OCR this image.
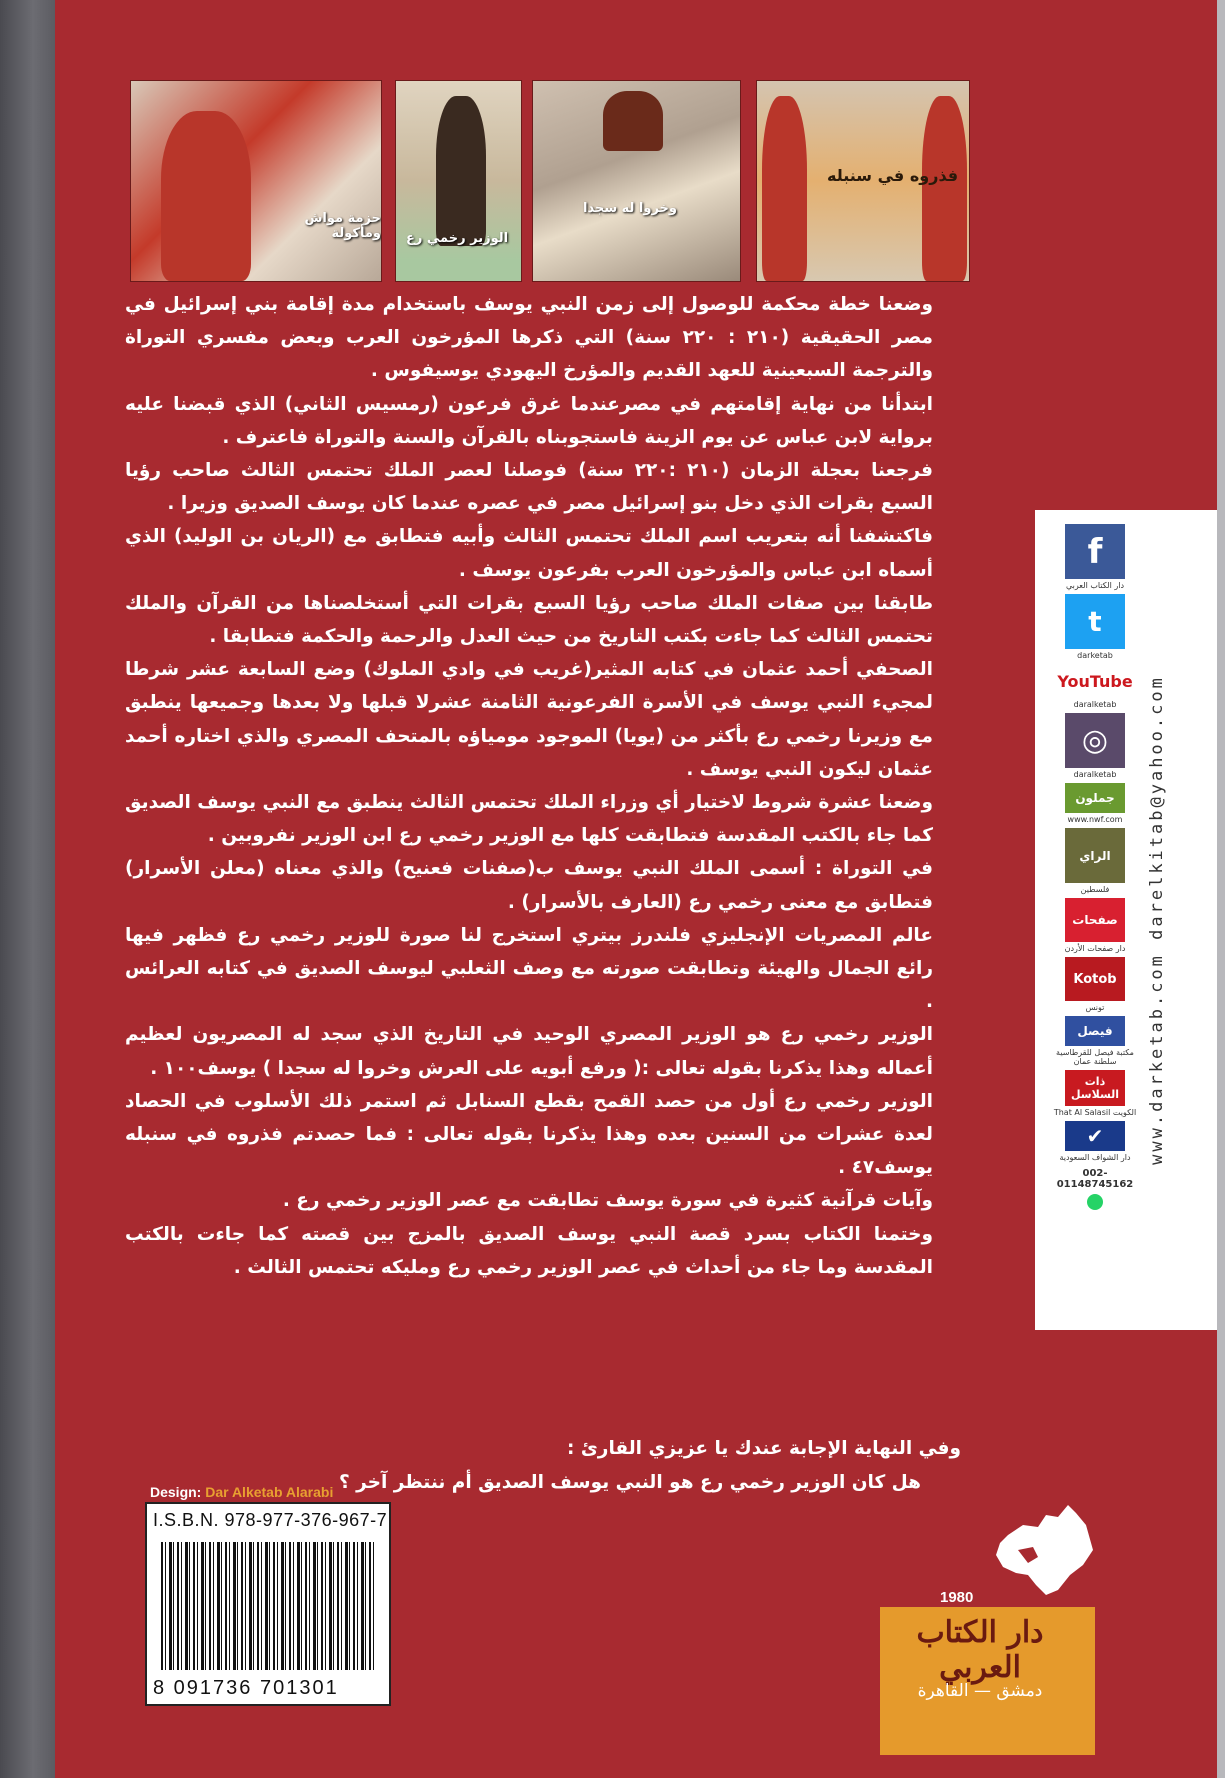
حزمة مواش ومأكولة الوزير رخمي رع
وخروا له سجدا
فذروه في سنبله

وضعنا خطة محكمة للوصول إلى زمن النبي يوسف باستخدام مدة إقامة بني إسرائيل في مصر الحقيقية (٢١٠ : ٢٢٠ سنة) التي ذكرها المؤرخون العرب وبعض مفسري التوراة والترجمة السبعينية للعهد القديم والمؤرخ اليهودي يوسيفوس .

ابتدأنا من نهاية إقامتهم في مصرعندما غرق فرعون (رمسيس الثاني) الذي قبضنا عليه برواية لابن عباس عن يوم الزينة فاستجوبناه بالقرآن والسنة والتوراة فاعترف .

فرجعنا بعجلة الزمان (٢١٠ :٢٢٠ سنة) فوصلنا لعصر الملك تحتمس الثالث صاحب رؤيا السبع بقرات الذي دخل بنو إسرائيل مصر في عصره عندما كان يوسف الصديق وزيرا .

فاكتشفنا أنه بتعريب اسم الملك تحتمس الثالث وأبيه فتطابق مع (الريان بن الوليد) الذي أسماه ابن عباس والمؤرخون العرب بفرعون يوسف .

طابقنا بين صفات الملك صاحب رؤيا السبع بقرات التي أستخلصناها من القرآن والملك تحتمس الثالث كما جاءت بكتب التاريخ من حيث العدل والرحمة والحكمة فتطابقا .

الصحفي أحمد عثمان في كتابه المثير(غريب في وادي الملوك) وضع السابعة عشر شرطا لمجيء النبي يوسف في الأسرة الفرعونية الثامنة عشرلا قبلها ولا بعدها وجميعها ينطبق مع وزيرنا رخمي رع بأكثر من (يويا) الموجود مومياؤه بالمتحف المصري والذي اختاره أحمد عثمان ليكون النبي يوسف .

وضعنا عشرة شروط لاختيار أي وزراء الملك تحتمس الثالث ينطبق مع النبي يوسف الصديق كما جاء بالكتب المقدسة فتطابقت كلها مع الوزير رخمي رع ابن الوزير نفروبين .

في التوراة : أسمى الملك النبي يوسف ب(صفنات فعنيح) والذي معناه (معلن الأسرار) فتطابق مع معنى رخمي رع (العارف بالأسرار) .

عالم المصريات الإنجليزي فلندرز بيتري استخرج لنا صورة للوزير رخمي رع فظهر فيها رائع الجمال والهيئة وتطابقت صورته مع وصف الثعلبي ليوسف الصديق في كتابه العرائس .

الوزير رخمي رع هو الوزير المصري الوحيد في التاريخ الذي سجد له المصريون لعظيم أعماله وهذا يذكرنا بقوله تعالى :( ورفع أبويه على العرش وخروا له سجدا ) يوسف١٠٠ .

الوزير رخمي رع أول من حصد القمح بقطع السنابل ثم استمر ذلك الأسلوب في الحصاد لعدة عشرات من السنين بعده وهذا يذكرنا بقوله تعالى : فما حصدتم فذروه في سنبله يوسف٤٧ .

وآيات قرآنية كثيرة في سورة يوسف تطابقت مع عصر الوزير رخمي رع .

وختمنا الكتاب بسرد قصة النبي يوسف الصديق بالمزج بين قصته كما جاءت بالكتب المقدسة وما جاء من أحداث في عصر الوزير رخمي رع ومليكه تحتمس الثالث .

وفي النهاية الإجابة عندك يا عزيزي القارئ :

هل كان الوزير رخمي رع هو النبي يوسف الصديق أم ننتظر آخر ؟

f
دار الكتاب العربي
t
darketab
YouTube
daralketab
◎
daralketab
جملون
www.nwf.com
الراي
فلسطين
صفحات
دار صفحات الأردن
Kotob
تونس
فيصل
مكتبة فيصل للقرطاسية سلطنة عمان
ذات السلاسل
That Al Salasil الكويت
✔
دار الشواف السعودية
002-01148745162
www.darketab.com darelkitab@yahoo.com
Design: Dar Alketab Alarabi
I.S.B.N. 978-977-376-967-7
8 091736 701301
1980
دار الكتاب العربي
دمشق — القاهرة
